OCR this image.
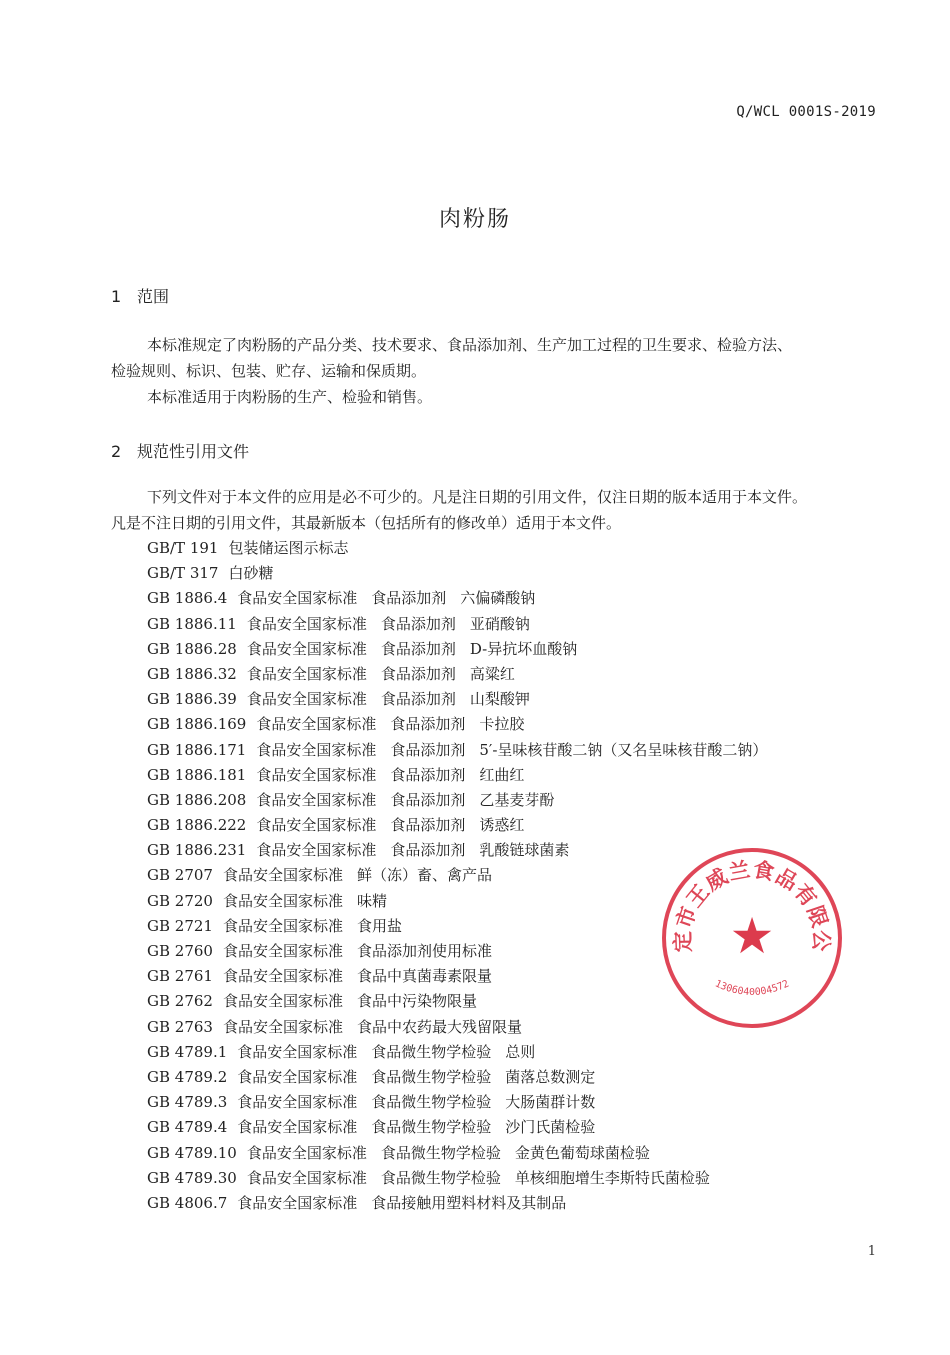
Q/WCL 0001S-2019
肉粉肠
1 范围
本标准规定了肉粉肠的产品分类、技术要求、食品添加剂、生产加工过程的卫生要求、检验方法、
检验规则、标识、包装、贮存、运输和保质期。
本标准适用于肉粉肠的生产、检验和销售。
2 规范性引用文件
下列文件对于本文件的应用是必不可少的。凡是注日期的引用文件，仅注日期的版本适用于本文件。
凡是不注日期的引用文件，其最新版本（包括所有的修改单）适用于本文件。
GB/T 191 包装储运图示标志
GB/T 317 白砂糖
GB 1886.4 食品安全国家标准 食品添加剂 六偏磷酸钠
GB 1886.11 食品安全国家标准 食品添加剂 亚硝酸钠
GB 1886.28 食品安全国家标准 食品添加剂 D-异抗坏血酸钠
GB 1886.32 食品安全国家标准 食品添加剂 高粱红
GB 1886.39 食品安全国家标准 食品添加剂 山梨酸钾
GB 1886.169 食品安全国家标准 食品添加剂 卡拉胶
GB 1886.171 食品安全国家标准 食品添加剂 5′-呈味核苷酸二钠（又名呈味核苷酸二钠）
GB 1886.181 食品安全国家标准 食品添加剂 红曲红
GB 1886.208 食品安全国家标准 食品添加剂 乙基麦芽酚
GB 1886.222 食品安全国家标准 食品添加剂 诱惑红
GB 1886.231 食品安全国家标准 食品添加剂 乳酸链球菌素
GB 2707 食品安全国家标准 鲜（冻）畜、禽产品
GB 2720 食品安全国家标准 味精
GB 2721 食品安全国家标准 食用盐
GB 2760 食品安全国家标准 食品添加剂使用标准
GB 2761 食品安全国家标准 食品中真菌毒素限量
GB 2762 食品安全国家标准 食品中污染物限量
GB 2763 食品安全国家标准 食品中农药最大残留限量
GB 4789.1 食品安全国家标准 食品微生物学检验 总则
GB 4789.2 食品安全国家标准 食品微生物学检验 菌落总数测定
GB 4789.3 食品安全国家标准 食品微生物学检验 大肠菌群计数
GB 4789.4 食品安全国家标准 食品微生物学检验 沙门氏菌检验
GB 4789.10 食品安全国家标准 食品微生物学检验 金黄色葡萄球菌检验
GB 4789.30 食品安全国家标准 食品微生物学检验 单核细胞增生李斯特氏菌检验
GB 4806.7 食品安全国家标准 食品接触用塑料材料及其制品
定市王威兰食品有限公
★
1306040004572
1
